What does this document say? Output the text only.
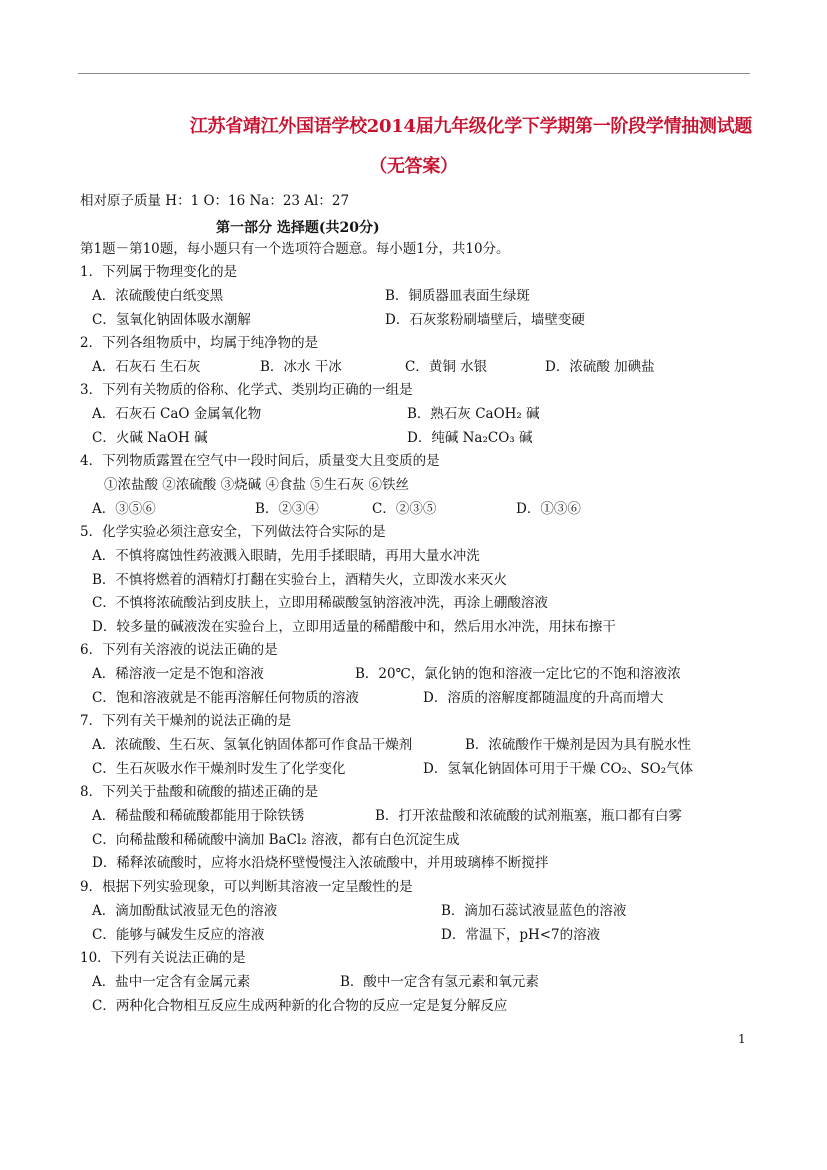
江苏省靖江外国语学校2014届九年级化学下学期第一阶段学情抽测试题
（无答案）
相对原子质量 H：1 O：16 Na：23 Al：27
第一部分 选择题(共20分)
第1题－第10题，每小题只有一个选项符合题意。每小题1分，共10分。
1．下列属于物理变化的是
A．浓硫酸使白纸变黑	B．铜质器皿表面生绿斑
C．氢氧化钠固体吸水潮解	D．石灰浆粉刷墙壁后，墙壁变硬
2．下列各组物质中，均属于纯净物的是
A．石灰石 生石灰	B．冰水 干冰	C．黄铜 水银	D．浓硫酸 加碘盐
3．下列有关物质的俗称、化学式、类别均正确的一组是
A．石灰石 CaO 金属氧化物	B．熟石灰 CaOH₂ 碱
C．火碱 NaOH 碱	D．纯碱 Na₂CO₃ 碱
4．下列物质露置在空气中一段时间后，质量变大且变质的是
①浓盐酸 ②浓硫酸 ③烧碱 ④食盐 ⑤生石灰 ⑥铁丝
A．③⑤⑥	B．②③④	C．②③⑤	D．①③⑥
5．化学实验必须注意安全，下列做法符合实际的是
A．不慎将腐蚀性药液溅入眼睛，先用手揉眼睛，再用大量水冲洗
B．不慎将燃着的酒精灯打翻在实验台上，酒精失火，立即泼水来灭火
C．不慎将浓硫酸沾到皮肤上，立即用稀碳酸氢钠溶液冲洗，再涂上硼酸溶液
D．较多量的碱液泼在实验台上，立即用适量的稀醋酸中和，然后用水冲洗，用抹布擦干
6．下列有关溶液的说法正确的是
A．稀溶液一定是不饱和溶液	B．20℃，氯化钠的饱和溶液一定比它的不饱和溶液浓
C．饱和溶液就是不能再溶解任何物质的溶液	D．溶质的溶解度都随温度的升高而增大
7．下列有关干燥剂的说法正确的是
A．浓硫酸、生石灰、氢氧化钠固体都可作食品干燥剂	B．浓硫酸作干燥剂是因为具有脱水性
C．生石灰吸水作干燥剂时发生了化学变化	D．氢氧化钠固体可用于干燥 CO₂、SO₂气体
8．下列关于盐酸和硫酸的描述正确的是
A．稀盐酸和稀硫酸都能用于除铁锈	B．打开浓盐酸和浓硫酸的试剂瓶塞，瓶口都有白雾
C．向稀盐酸和稀硫酸中滴加 BaCl₂ 溶液，都有白色沉淀生成
D．稀释浓硫酸时，应将水沿烧杯壁慢慢注入浓硫酸中，并用玻璃棒不断搅拌
9．根据下列实验现象，可以判断其溶液一定呈酸性的是
A．滴加酚酞试液显无色的溶液	B．滴加石蕊试液显蓝色的溶液
C．能够与碱发生反应的溶液	D．常温下，pH<7的溶液
10．下列有关说法正确的是
A．盐中一定含有金属元素	B．酸中一定含有氢元素和氧元素
C．两种化合物相互反应生成两种新的化合物的反应一定是复分解反应
1
